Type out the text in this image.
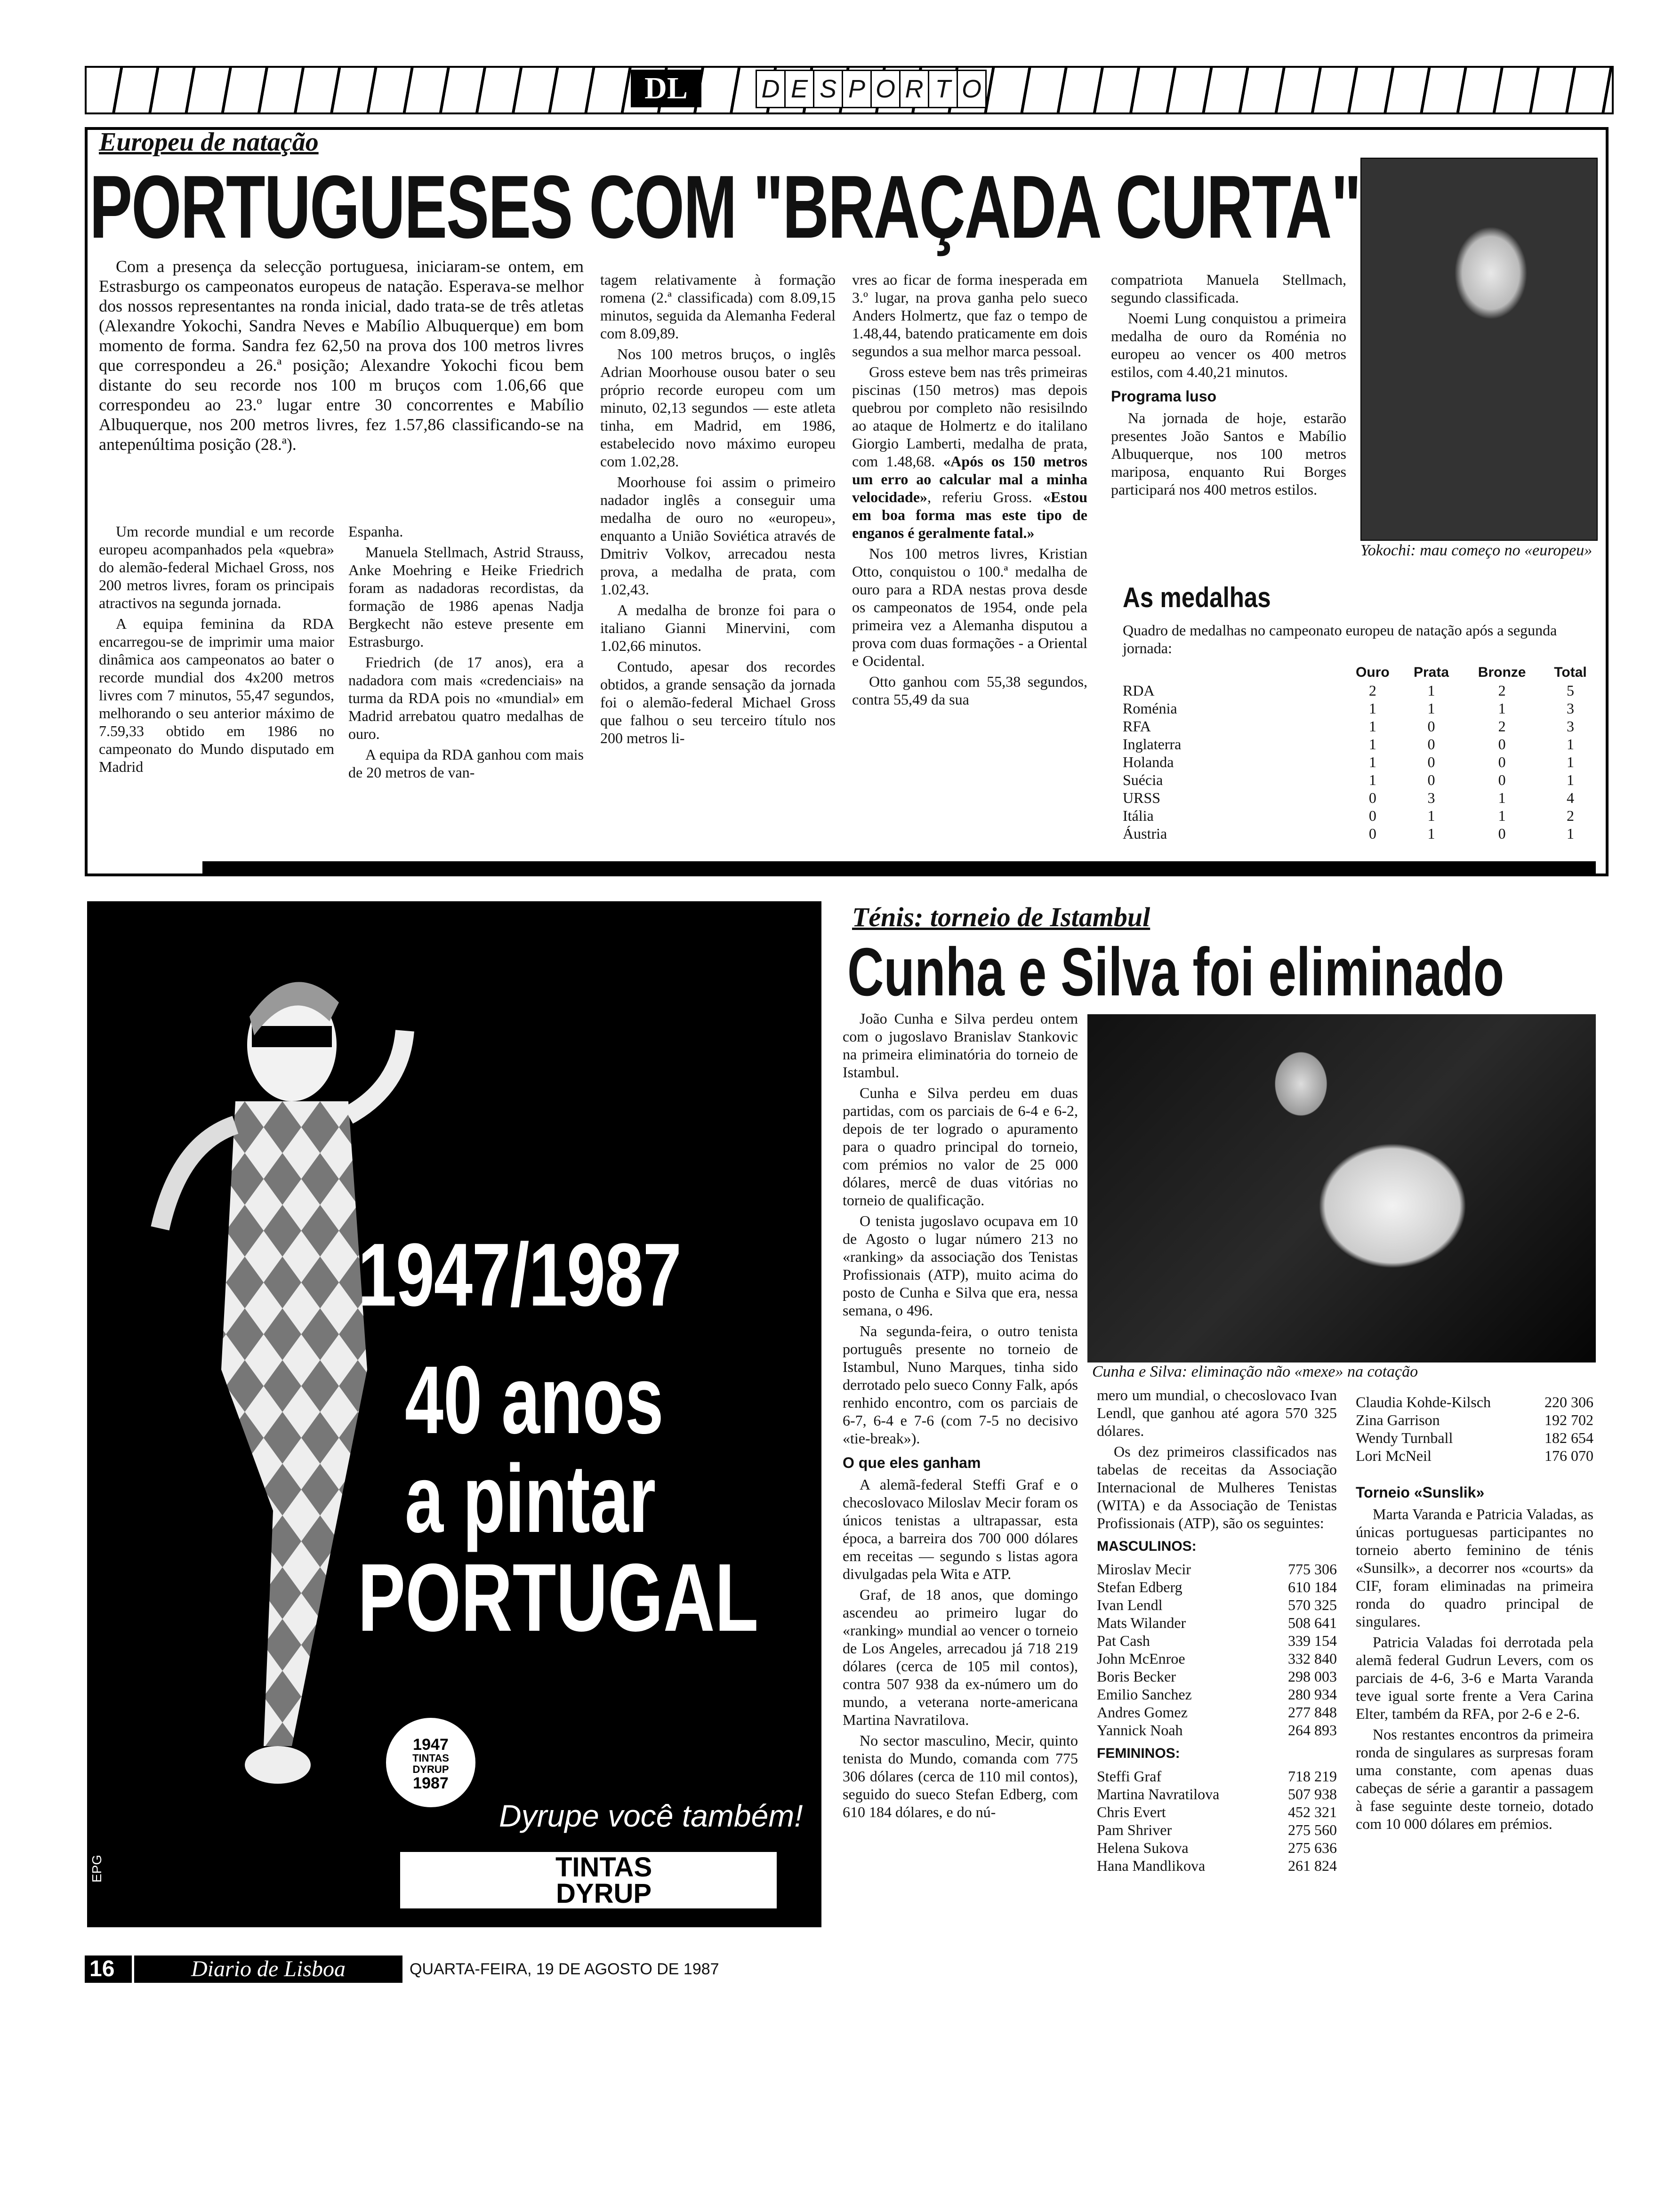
DL	D E S P O R T O
Europeu de natação
PORTUGUESES COM "BRAÇADA CURTA"

Com a presença da selecção portuguesa, iniciaram-se ontem, em Estrasburgo os campeonatos europeus de natação. Esperava-se melhor dos nossos representantes na ronda inicial, dado trata-se de três atletas (Alexandre Yokochi, Sandra Neves e Mabílio Albuquerque) em bom momento de forma. Sandra fez 62,50 na prova dos 100 metros livres que correspondeu a 26.ª posição; Alexandre Yokochi ficou bem distante do seu recorde nos 100 m bruços com 1.06,66 que correspondeu ao 23.º lugar entre 30 concorrentes e Mabílio Albuquerque, nos 200 metros livres, fez 1.57,86 classificando-se na antepenúltima posição (28.ª).

Um recorde mundial e um recorde europeu acompanhados pela «quebra» do alemão-federal Michael Gross, nos 200 metros livres, foram os principais atractivos na segunda jornada.

A equipa feminina da RDA encarregou-se de imprimir uma maior dinâmica aos campeonatos ao bater o recorde mundial dos 4x200 metros livres com 7 minutos, 55,47 segundos, melhorando o seu anterior máximo de 7.59,33 obtido em 1986 no campeonato do Mundo disputado em Madrid

Espanha.

Manuela Stellmach, Astrid Strauss, Anke Moehring e Heike Friedrich foram as nadadoras recordistas, da formação de 1986 apenas Nadja Bergkecht não esteve presente em Estrasburgo.

Friedrich (de 17 anos), era a nadadora com mais «credenciais» na turma da RDA pois no «mundial» em Madrid arrebatou quatro medalhas de ouro.

A equipa da RDA ganhou com mais de 20 metros de van-

tagem relativamente à formação romena (2.ª classificada) com 8.09,15 minutos, seguida da Alemanha Federal com 8.09,89.

Nos 100 metros bruços, o inglês Adrian Moorhouse ousou bater o seu próprio recorde europeu com um minuto, 02,13 segundos — este atleta tinha, em Madrid, em 1986, estabelecido novo máximo europeu com 1.02,28.

Moorhouse foi assim o primeiro nadador inglês a conseguir uma medalha de ouro no «europeu», enquanto a União Soviética através de Dmitriv Volkov, arrecadou nesta prova, a medalha de prata, com 1.02,43.

A medalha de bronze foi para o italiano Gianni Minervini, com 1.02,66 minutos.

Contudo, apesar dos recordes obtidos, a grande sensação da jornada foi o alemão-federal Michael Gross que falhou o seu terceiro título nos 200 metros li-

vres ao ficar de forma inesperada em 3.º lugar, na prova ganha pelo sueco Anders Holmertz, que faz o tempo de 1.48,44, batendo praticamente em dois segundos a sua melhor marca pessoal.

Gross esteve bem nas três primeiras piscinas (150 metros) mas depois quebrou por completo não resisilndo ao ataque de Holmertz e do italilano Giorgio Lamberti, medalha de prata, com 1.48,68. «Após os 150 metros um erro ao calcular mal a minha velocidade», referiu Gross. «Estou em boa forma mas este tipo de enganos é geralmente fatal.»

Nos 100 metros livres, Kristian Otto, conquistou o 100.ª medalha de ouro para a RDA nestas prova desde os campeonatos de 1954, onde pela primeira vez a Alemanha disputou a prova com duas formações - a Oriental e Ocidental.

Otto ganhou com 55,38 segundos, contra 55,49 da sua

compatriota Manuela Stellmach, segundo classificada.

Noemi Lung conquistou a primeira medalha de ouro da Roménia no europeu ao vencer os 400 metros estilos, com 4.40,21 minutos.

Programa luso

Na jornada de hoje, estarão presentes João Santos e Mabílio Albuquerque, nos 100 metros mariposa, enquanto Rui Borges participará nos 400 metros estilos.

Yokochi: mau começo no «europeu»
As medalhas
Quadro de medalhas no campeonato europeu de natação após a segunda jornada:
	Ouro	Prata	Bronze	Total
RDA	2	1	2	5
Roménia	1	1	1	3
RFA	1	0	2	3
Inglaterra	1	0	0	1
Holanda	1	0	0	1
Suécia	1	0	0	1
URSS	0	3	1	4
Itália	0	1	1	2
Áustria	0	1	0	1
1947/1987
40 anos
a pintar
PORTUGAL
1947
TINTAS DYRUP
1987
Dyrupe você também!
TINTAS
DYRUP
EPG
16	Diario de Lisboa	QUARTA-FEIRA, 19 DE AGOSTO DE 1987
Ténis: torneio de Istambul
Cunha e Silva foi eliminado

João Cunha e Silva perdeu ontem com o jugoslavo Branislav Stankovic na primeira eliminatória do torneio de Istambul.

Cunha e Silva perdeu em duas partidas, com os parciais de 6-4 e 6-2, depois de ter logrado o apuramento para o quadro principal do torneio, com prémios no valor de 25 000 dólares, mercê de duas vitórias no torneio de qualificação.

O tenista jugoslavo ocupava em 10 de Agosto o lugar número 213 no «ranking» da associação dos Tenistas Profissionais (ATP), muito acima do posto de Cunha e Silva que era, nessa semana, o 496.

Na segunda-feira, o outro tenista português presente no torneio de Istambul, Nuno Marques, tinha sido derrotado pelo sueco Conny Falk, após renhido encontro, com os parciais de 6-7, 6-4 e 7-6 (com 7-5 no decisivo «tie-break»).

O que eles ganham

A alemã-federal Steffi Graf e o checoslovaco Miloslav Mecir foram os únicos tenistas a ultrapassar, esta época, a barreira dos 700 000 dólares em receitas — segundo s listas agora divulgadas pela Wita e ATP.

Graf, de 18 anos, que domingo ascendeu ao primeiro lugar do «ranking» mundial ao vencer o torneio de Los Angeles, arrecadou já 718 219 dólares (cerca de 105 mil contos), contra 507 938 da ex-número um do mundo, a veterana norte-americana Martina Navratilova.

No sector masculino, Mecir, quinto tenista do Mundo, comanda com 775 306 dólares (cerca de 110 mil contos), seguido do sueco Stefan Edberg, com 610 184 dólares, e do nú-

Cunha e Silva: eliminação não «mexe» na cotação

mero um mundial, o checoslovaco Ivan Lendl, que ganhou até agora 570 325 dólares.

Os dez primeiros classificados nas tabelas de receitas da Associação Internacional de Mulheres Tenistas (WITA) e da Associação de Tenistas Profissionais (ATP), são os seguintes:

MASCULINOS:
Miroslav Mecir	775 306
Stefan Edberg	610 184
Ivan Lendl	570 325
Mats Wilander	508 641
Pat Cash	339 154
John McEnroe	332 840
Boris Becker	298 003
Emilio Sanchez	280 934
Andres Gomez	277 848
Yannick Noah	264 893
FEMININOS:
Steffi Graf	718 219
Martina Navratilova	507 938
Chris Evert	452 321
Pam Shriver	275 560
Helena Sukova	275 636
Hana Mandlikova	261 824
Claudia Kohde-Kilsch	220 306
Zina Garrison	192 702
Wendy Turnball	182 654
Lori McNeil	176 070
Torneio «Sunslik»

Marta Varanda e Patricia Valadas, as únicas portuguesas participantes no torneio aberto feminino de ténis «Sunsilk», a decorrer nos «courts» da CIF, foram eliminadas na primeira ronda do quadro principal de singulares.

Patricia Valadas foi derrotada pela alemã federal Gudrun Levers, com os parciais de 4-6, 3-6 e Marta Varanda teve igual sorte frente a Vera Carina Elter, também da RFA, por 2-6 e 2-6.

Nos restantes encontros da primeira ronda de singulares as surpresas foram uma constante, com apenas duas cabeças de série a garantir a passagem à fase seguinte deste torneio, dotado com 10 000 dólares em prémios.
